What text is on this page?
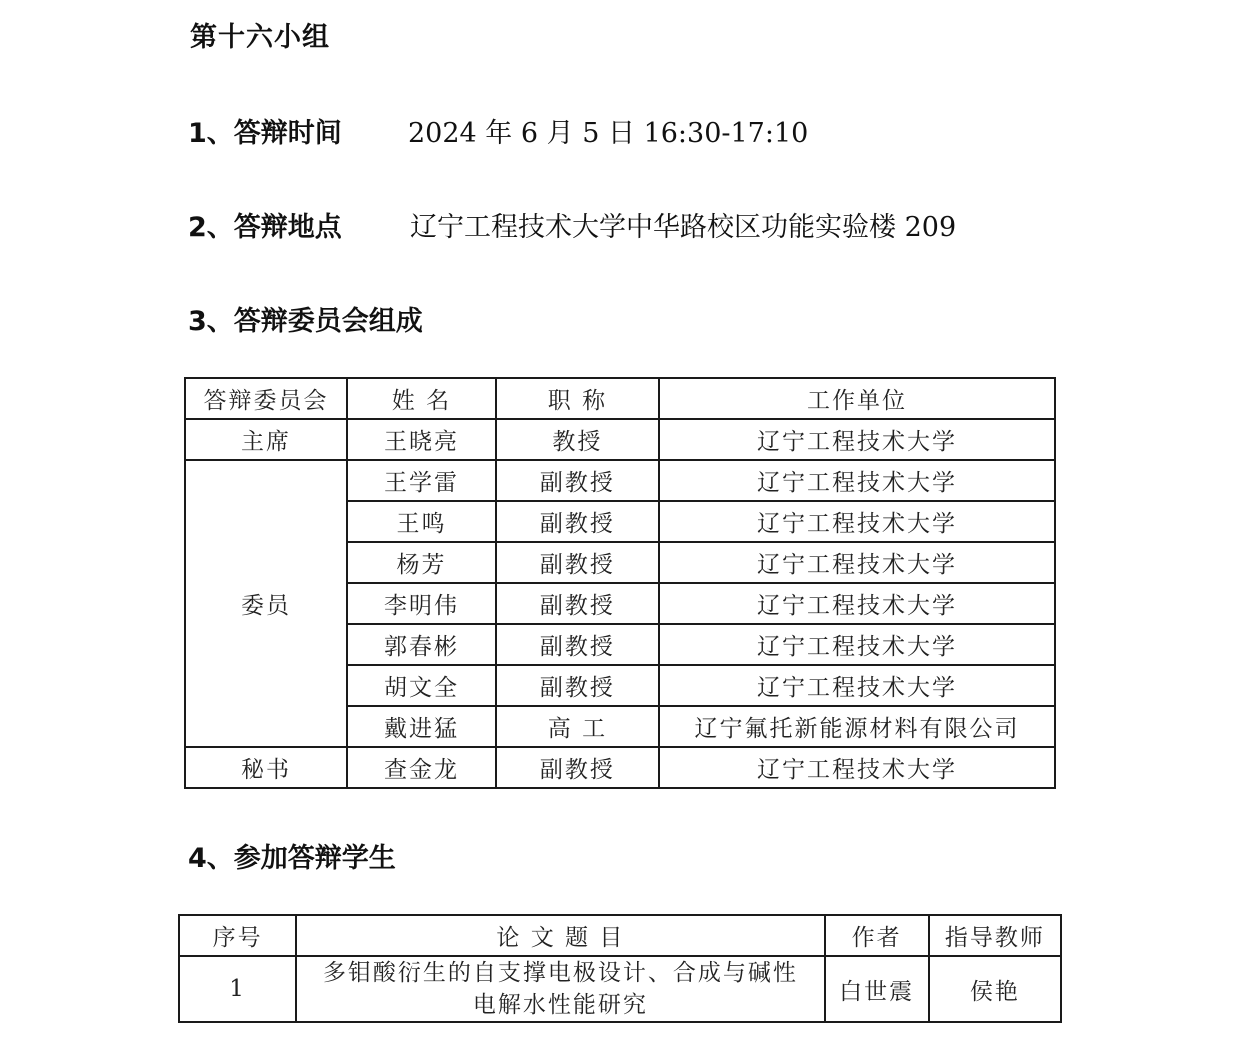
第十六小组
1、答辩时间 2024 年 6 月 5 日 16:30-17:10
2、答辩地点	辽宁工程技术大学中华路校区功能实验楼 209
3、答辩委员会组成
答辩委员会	姓 名	职 称	工作单位
主席	王晓亮	教授	辽宁工程技术大学
委员	王学雷	副教授	辽宁工程技术大学
	王鸣	副教授	辽宁工程技术大学
	杨芳	副教授	辽宁工程技术大学
	李明伟	副教授	辽宁工程技术大学
	郭春彬	副教授	辽宁工程技术大学
	胡文全	副教授	辽宁工程技术大学
	戴进猛	高 工	辽宁氟托新能源材料有限公司
秘书	查金龙	副教授	辽宁工程技术大学
4、参加答辩学生
序号	论 文 题 目	作者	指导教师
1	多钼酸衍生的自支撑电极设计、合成与碱性电解水性能研究	白世震	侯艳
